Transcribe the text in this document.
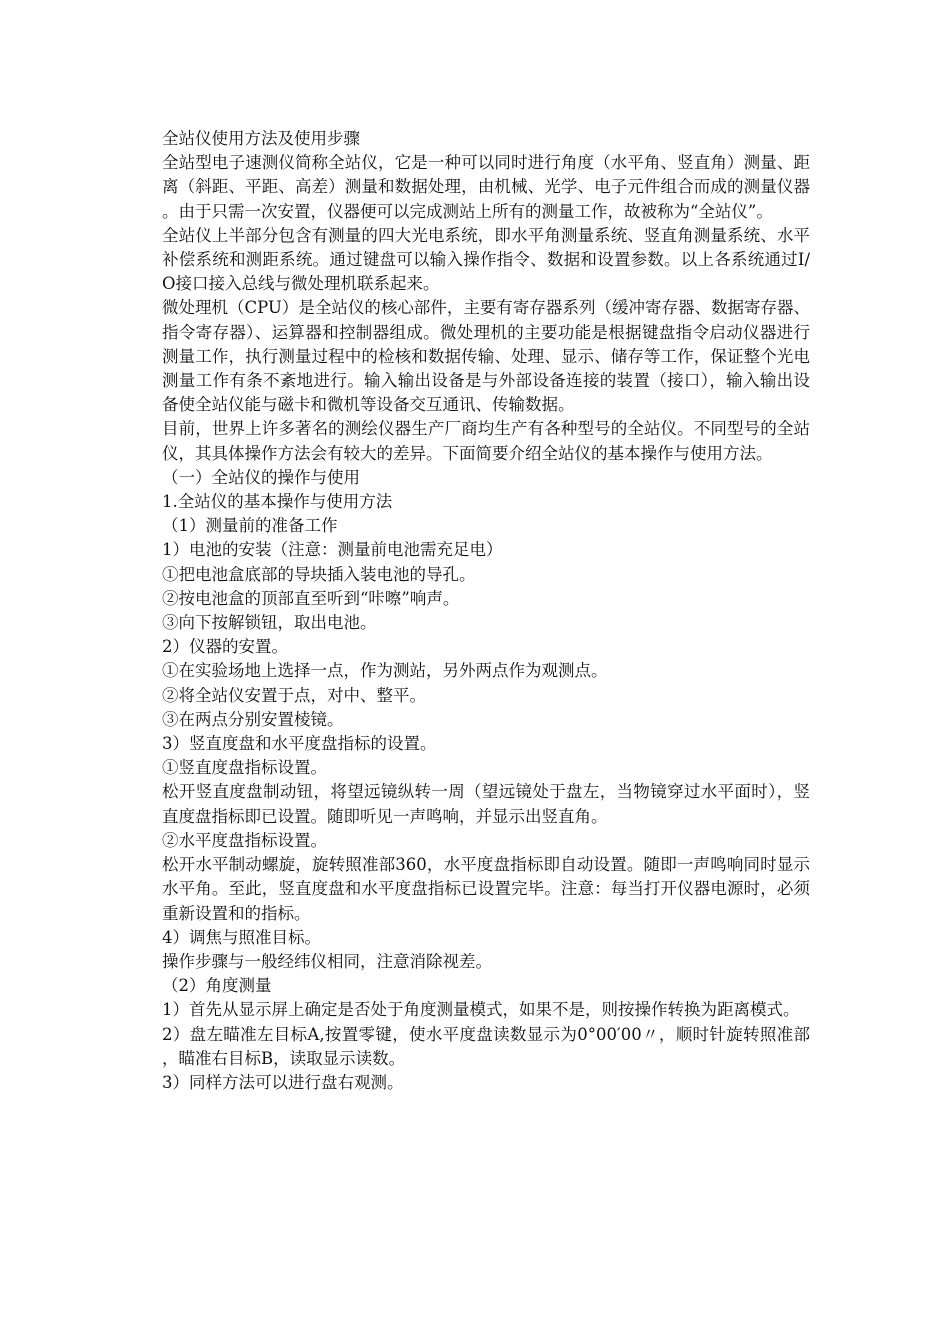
全站仪使用方法及使用步骤

全站型电子速测仪简称全站仪，它是一种可以同时进行角度（水平角、竖直角）测量、距离（斜距、平距、高差）测量和数据处理，由机械、光学、电子元件组合而成的测量仪器。由于只需一次安置，仪器便可以完成测站上所有的测量工作，故被称为“全站仪”。

全站仪上半部分包含有测量的四大光电系统，即水平角测量系统、竖直角测量系统、水平补偿系统和测距系统。通过键盘可以输入操作指令、数据和设置参数。以上各系统通过I/O接口接入总线与微处理机联系起来。

微处理机（CPU）是全站仪的核心部件，主要有寄存器系列（缓冲寄存器、数据寄存器、指令寄存器）、运算器和控制器组成。微处理机的主要功能是根据键盘指令启动仪器进行测量工作，执行测量过程中的检核和数据传输、处理、显示、储存等工作，保证整个光电测量工作有条不紊地进行。输入输出设备是与外部设备连接的装置（接口），输入输出设备使全站仪能与磁卡和微机等设备交互通讯、传输数据。

目前，世界上许多著名的测绘仪器生产厂商均生产有各种型号的全站仪。不同型号的全站仪，其具体操作方法会有较大的差异。下面简要介绍全站仪的基本操作与使用方法。

（一）全站仪的操作与使用

1.全站仪的基本操作与使用方法

（1）测量前的准备工作

1）电池的安装（注意：测量前电池需充足电）

①把电池盒底部的导块插入装电池的导孔。

②按电池盒的顶部直至听到“咔嚓”响声。

③向下按解锁钮，取出电池。

2）仪器的安置。

①在实验场地上选择一点，作为测站，另外两点作为观测点。

②将全站仪安置于点，对中、整平。

③在两点分别安置棱镜。

3）竖直度盘和水平度盘指标的设置。

①竖直度盘指标设置。

松开竖直度盘制动钮，将望远镜纵转一周（望远镜处于盘左，当物镜穿过水平面时），竖直度盘指标即已设置。随即听见一声鸣响，并显示出竖直角。

②水平度盘指标设置。

松开水平制动螺旋，旋转照准部360，水平度盘指标即自动设置。随即一声鸣响同时显示水平角。至此，竖直度盘和水平度盘指标已设置完毕。注意：每当打开仪器电源时，必须重新设置和的指标。

4）调焦与照准目标。

操作步骤与一般经纬仪相同，注意消除视差。

（2）角度测量

1）首先从显示屏上确定是否处于角度测量模式，如果不是，则按操作转换为距离模式。

2）盘左瞄准左目标A,按置零键，使水平度盘读数显示为0°00′00〃，顺时针旋转照准部，瞄准右目标B，读取显示读数。

3）同样方法可以进行盘右观测。
